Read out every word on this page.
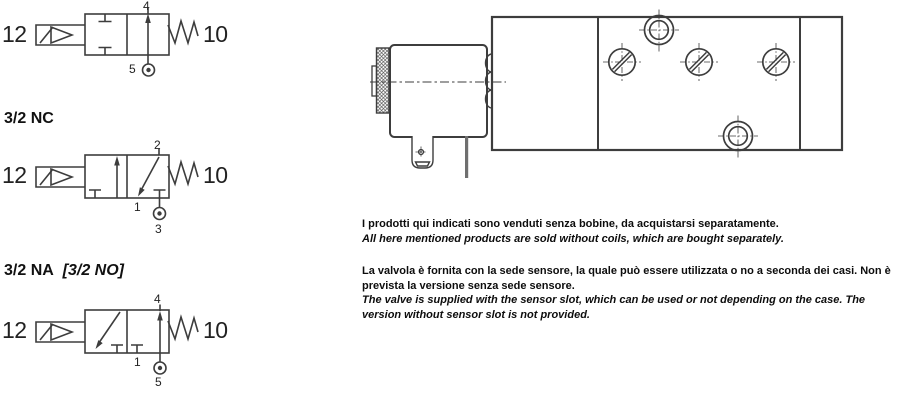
4
12	10
5
3/2 NC
2
12	10
1
3
3/2 NA [3/2 NO]
4
12	10
1
5
I prodotti qui indicati sono venduti senza bobine, da acquistarsi separatamente.
All here mentioned products are sold without coils, which are bought separately.
La valvola è fornita con la sede sensore, la quale può essere utilizzata o no a seconda dei casi. Non è prevista la versione senza sede sensore.
The valve is supplied with the sensor slot, which can be used or not depending on the case. The version without sensor slot is not provided.
